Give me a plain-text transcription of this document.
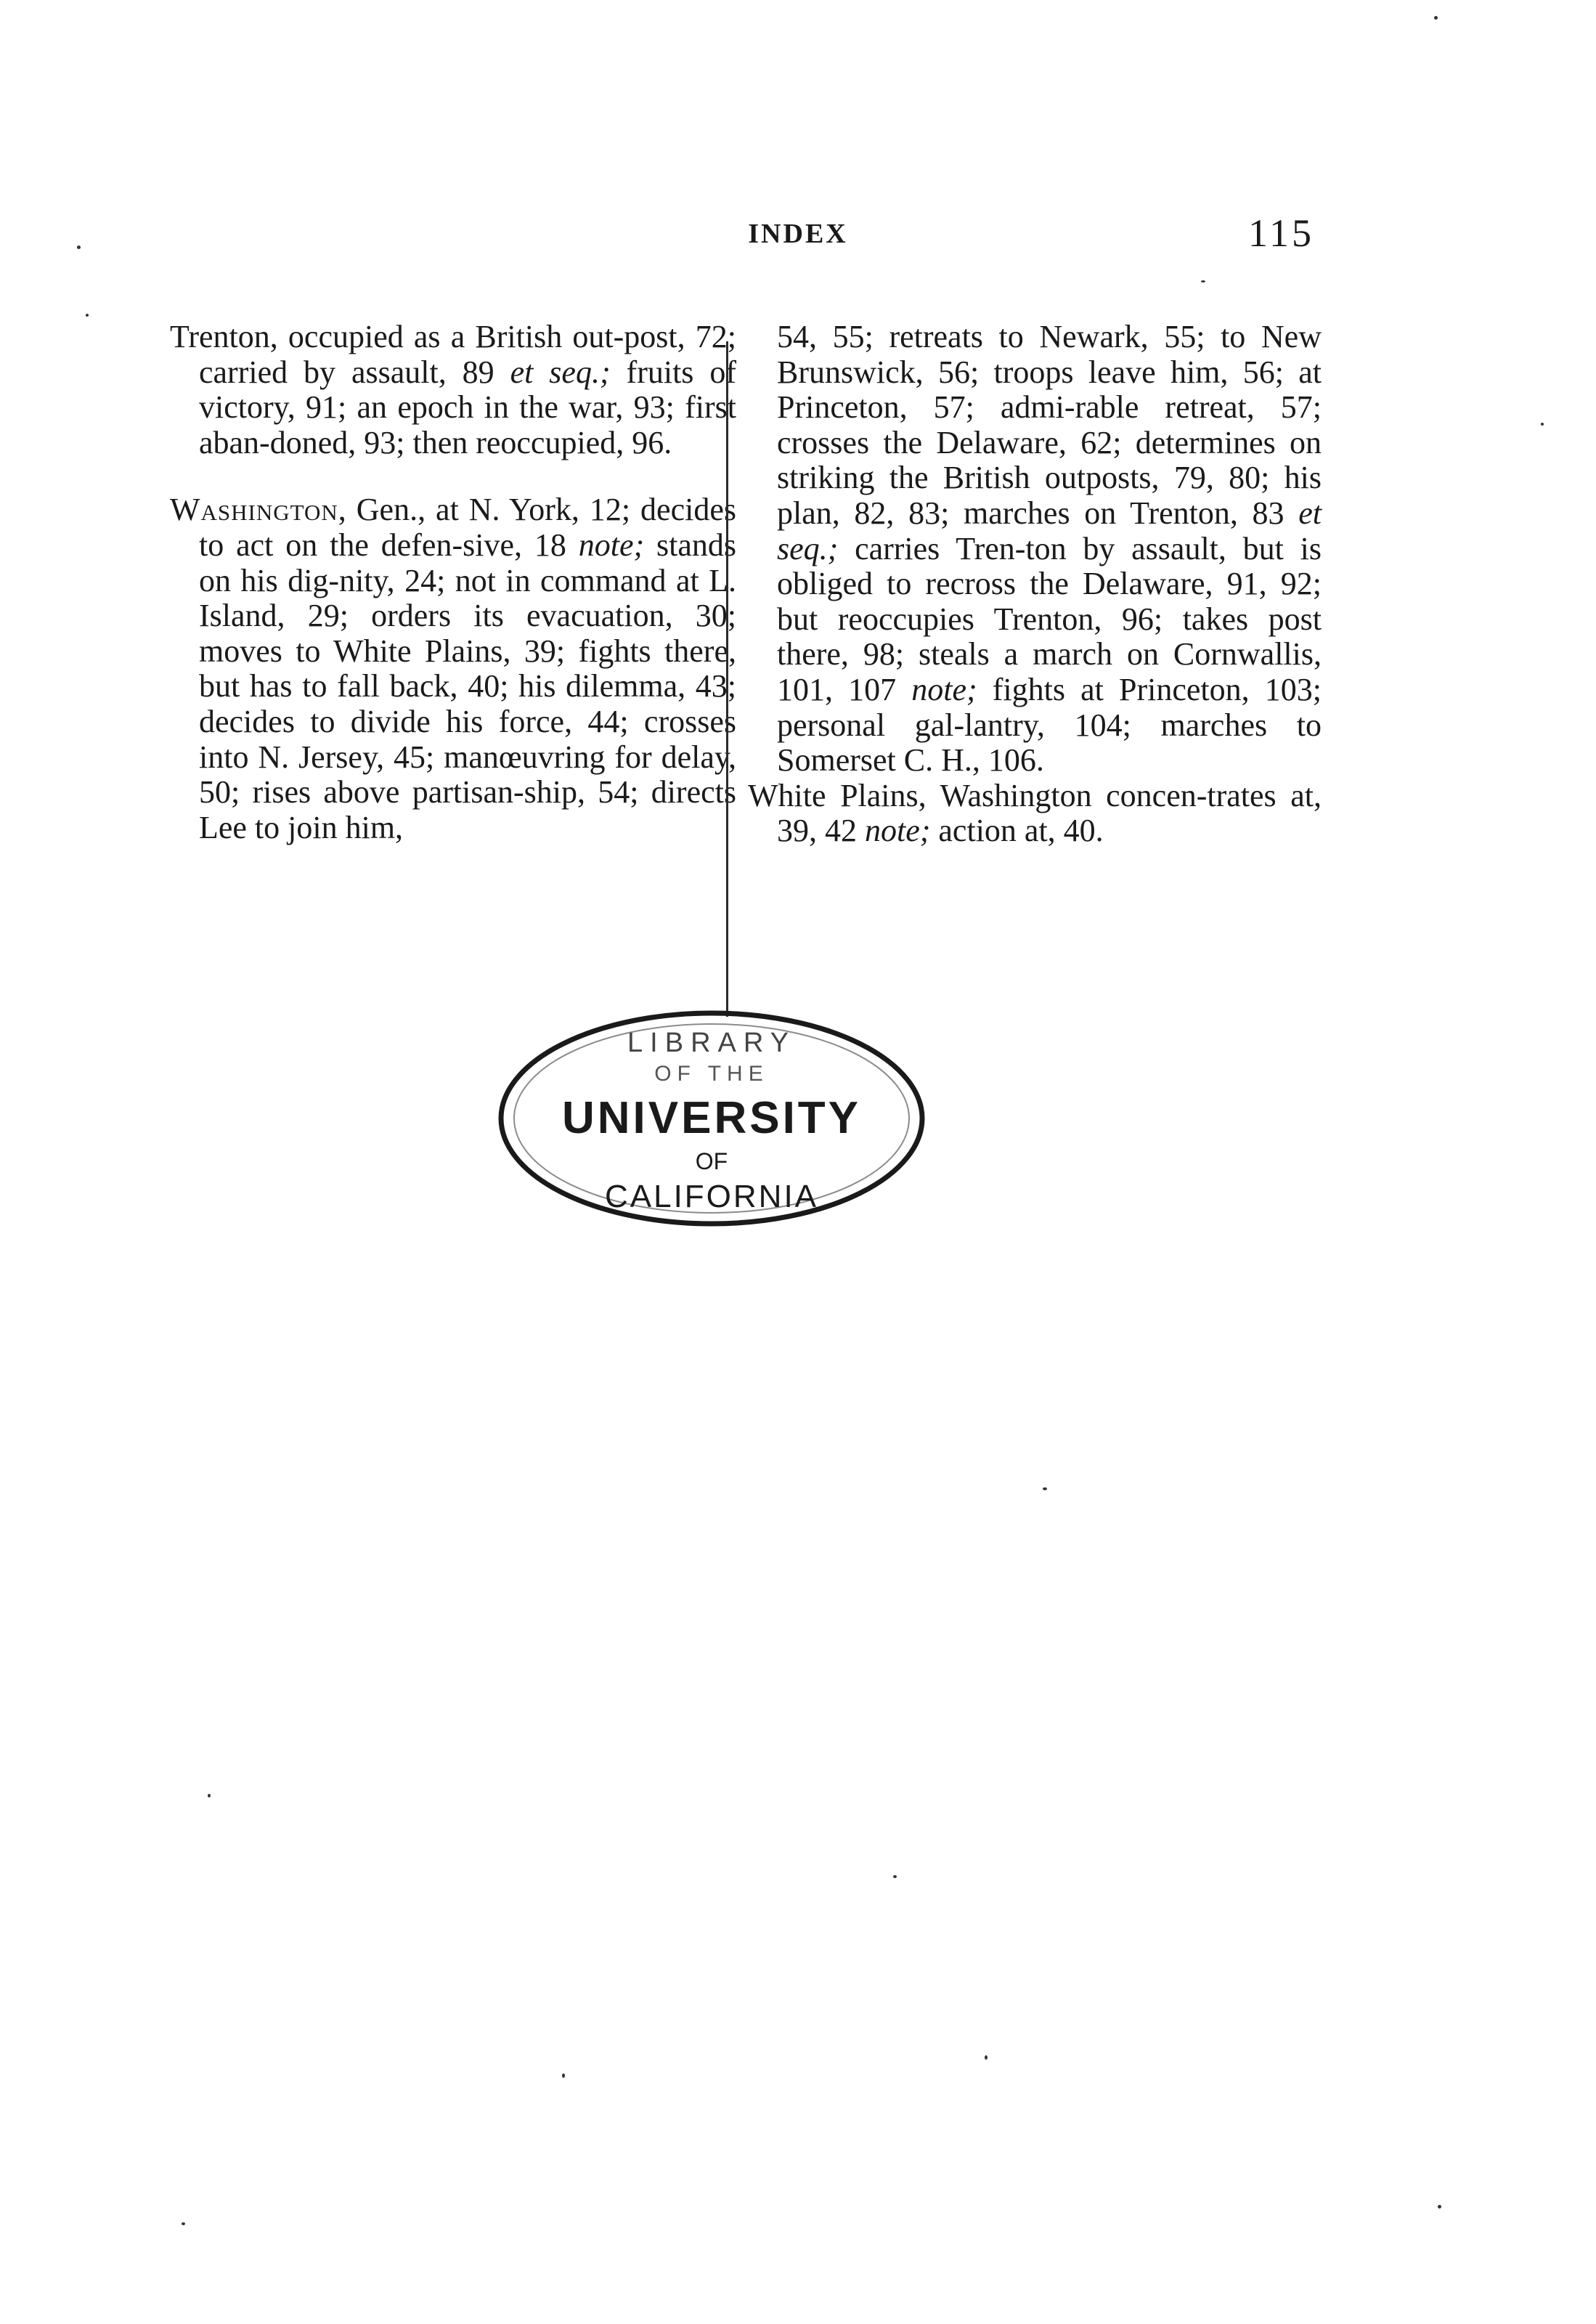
INDEX	115

Trenton, occupied as a British out-post, 72; carried by assault, 89 et seq.; fruits of victory, 91; an epoch in the war, 93; first aban-doned, 93; then reoccupied, 96.

Washington, Gen., at N. York, 12; decides to act on the defen-sive, 18 note; stands on his dig-nity, 24; not in command at L. Island, 29; orders its evacuation, 30; moves to White Plains, 39; fights there, but has to fall back, 40; his dilemma, 43; decides to divide his force, 44; crosses into N. Jersey, 45; manœuvring for delay, 50; rises above partisan-ship, 54; directs Lee to join him,

54, 55; retreats to Newark, 55; to New Brunswick, 56; troops leave him, 56; at Princeton, 57; admi-rable retreat, 57; crosses the Delaware, 62; determines on striking the British outposts, 79, 80; his plan, 82, 83; marches on Trenton, 83 et seq.; carries Tren-ton by assault, but is obliged to recross the Delaware, 91, 92; but reoccupies Trenton, 96; takes post there, 98; steals a march on Cornwallis, 101, 107 note; fights at Princeton, 103; personal gal-lantry, 104; marches to Somerset C. H., 106.

White Plains, Washington concen-trates at, 39, 42 note; action at, 40.

LIBRARY
OF THE
UNIVERSITY
OF
CALIFORNIA
